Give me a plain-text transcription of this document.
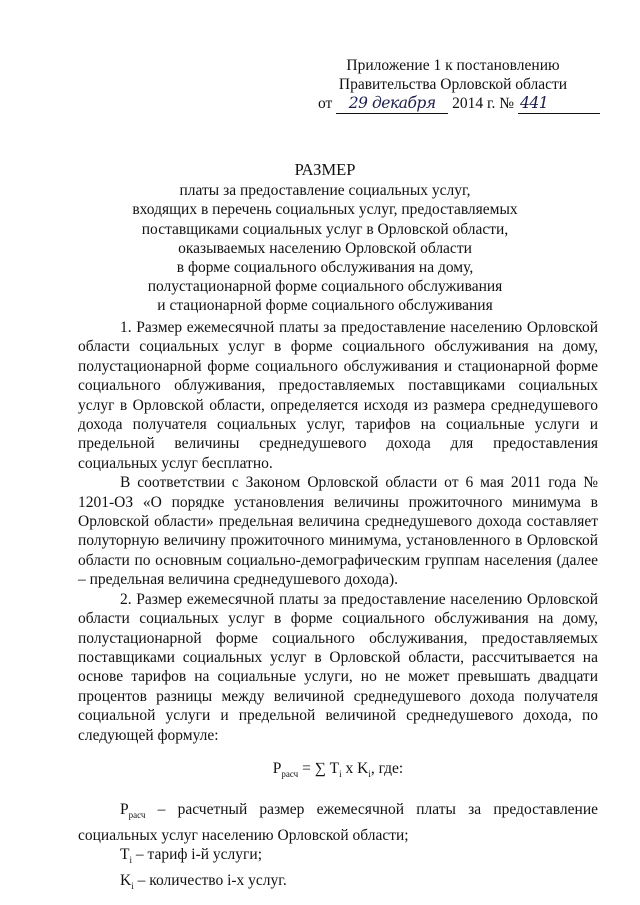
Приложение 1 к постановлению
Правительства Орловской области
от 29 декабря 2014 г. № 441
РАЗМЕР
платы за предоставление социальных услуг,
входящих в перечень социальных услуг, предоставляемых
поставщиками социальных услуг в Орловской области,
оказываемых населению Орловской области
в форме социального обслуживания на дому,
полустационарной форме социального обслуживания
и стационарной форме социального обслуживания

1. Размер ежемесячной платы за предоставление населению Орловской области социальных услуг в форме социального обслуживания на дому, полустационарной форме социального обслуживания и стационарной форме социального облуживания, предоставляемых поставщиками социальных услуг в Орловской области, определяется исходя из размера среднедушевого дохода получателя социальных услуг, тарифов на социальные услуги и предельной величины среднедушевого дохода для предоставления социальных услуг бесплатно.

В соответствии с Законом Орловской области от 6 мая 2011 года № 1201-ОЗ «О порядке установления величины прожиточного минимума в Орловской области» предельная величина среднедушевого дохода составляет полуторную величину прожиточного минимума, установленного в Орловской области по основным социально-демографическим группам населения (далее – предельная величина среднедушевого дохода).

2. Размер ежемесячной платы за предоставление населению Орловской области социальных услуг в форме социального обслуживания на дому, полустационарной форме социального обслуживания, предоставляемых поставщиками социальных услуг в Орловской области, рассчитывается на основе тарифов на социальные услуги, но не может превышать двадцати процентов разницы между величиной среднедушевого дохода получателя социальной услуги и предельной величиной среднедушевого дохода, по следующей формуле:

$P_{расч}$ = ∑ $T_i$ x $K_i$, где:

$P_{расч}$ – расчетный размер ежемесячной платы за предоставление социальных услуг населению Орловской области;

$T_i$ – тариф i-й услуги;

$K_i$ – количество i-х услуг.
